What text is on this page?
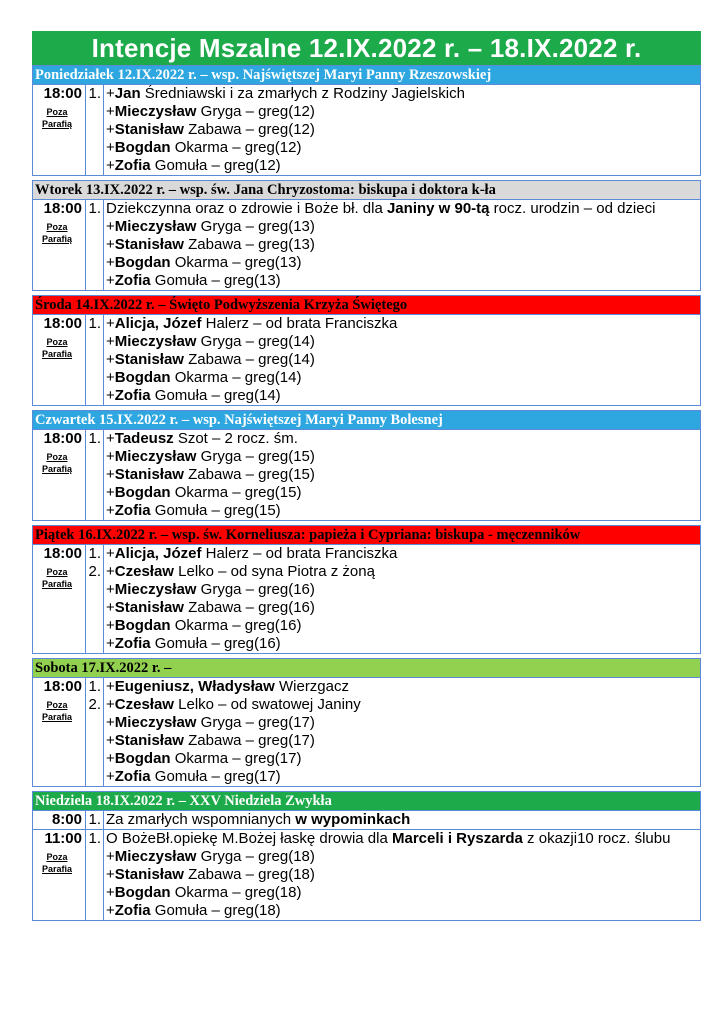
Intencje Mszalne 12.IX.2022 r. – 18.IX.2022 r.
Poniedziałek 12.IX.2022 r. – wsp. Najświętszej Maryi Panny Rzeszowskiej
18:00
Poza
Parafią
1. +Jan Średniawski i za zmarłych z Rodziny Jagielskich
+Mieczysław Gryga – greg(12)
+Stanisław Zabawa – greg(12)
+Bogdan Okarma – greg(12)
+Zofia Gomuła – greg(12)
Wtorek 13.IX.2022 r. – wsp. św. Jana Chryzostoma: biskupa i doktora k-ła
18:00
Poza
Parafią
1. Dziekczynna oraz o zdrowie i Boże bł. dla Janiny w 90-tą rocz. urodzin – od dzieci
+Mieczysław Gryga – greg(13)
+Stanisław Zabawa – greg(13)
+Bogdan Okarma – greg(13)
+Zofia Gomuła – greg(13)
Środa 14.IX.2022 r. – Święto Podwyższenia Krzyża Świętego
18:00
Poza
Parafia
1. +Alicja, Józef Halerz – od brata Franciszka
+Mieczysław Gryga – greg(14)
+Stanisław Zabawa – greg(14)
+Bogdan Okarma – greg(14)
+Zofia Gomuła – greg(14)
Czwartek 15.IX.2022 r. – wsp. Najświętszej Maryi Panny Bolesnej
18:00
Poza
Parafią
1. +Tadeusz Szot – 2 rocz. śm.
+Mieczysław Gryga – greg(15)
+Stanisław Zabawa – greg(15)
+Bogdan Okarma – greg(15)
+Zofia Gomuła – greg(15)
Piątek 16.IX.2022 r. – wsp. św. Korneliusza: papieża i Cypriana: biskupa - męczenników
18:00
Poza
Parafia
1.
2.
+Alicja, Józef Halerz – od brata Franciszka
+Czesław Lelko – od syna Piotra z żoną
+Mieczysław Gryga – greg(16)
+Stanisław Zabawa – greg(16)
+Bogdan Okarma – greg(16)
+Zofia Gomuła – greg(16)
Sobota 17.IX.2022 r. –
18:00
Poza
Parafia
1.
2.
+Eugeniusz, Władysław Wierzgacz
+Czesław Lelko – od swatowej Janiny
+Mieczysław Gryga – greg(17)
+Stanisław Zabawa – greg(17)
+Bogdan Okarma – greg(17)
+Zofia Gomuła – greg(17)
Niedziela 18.IX.2022 r. – XXV Niedziela Zwykła
8:00 1. Za zmarłych wspomnianych w wypominkach
11:00
Poza
Parafia
1. O BożeBł.opiekę M.Bożej łaskę drowia dla Marceli i Ryszarda z okazji10 rocz. ślubu
+Mieczysław Gryga – greg(18)
+Stanisław Zabawa – greg(18)
+Bogdan Okarma – greg(18)
+Zofia Gomuła – greg(18)
